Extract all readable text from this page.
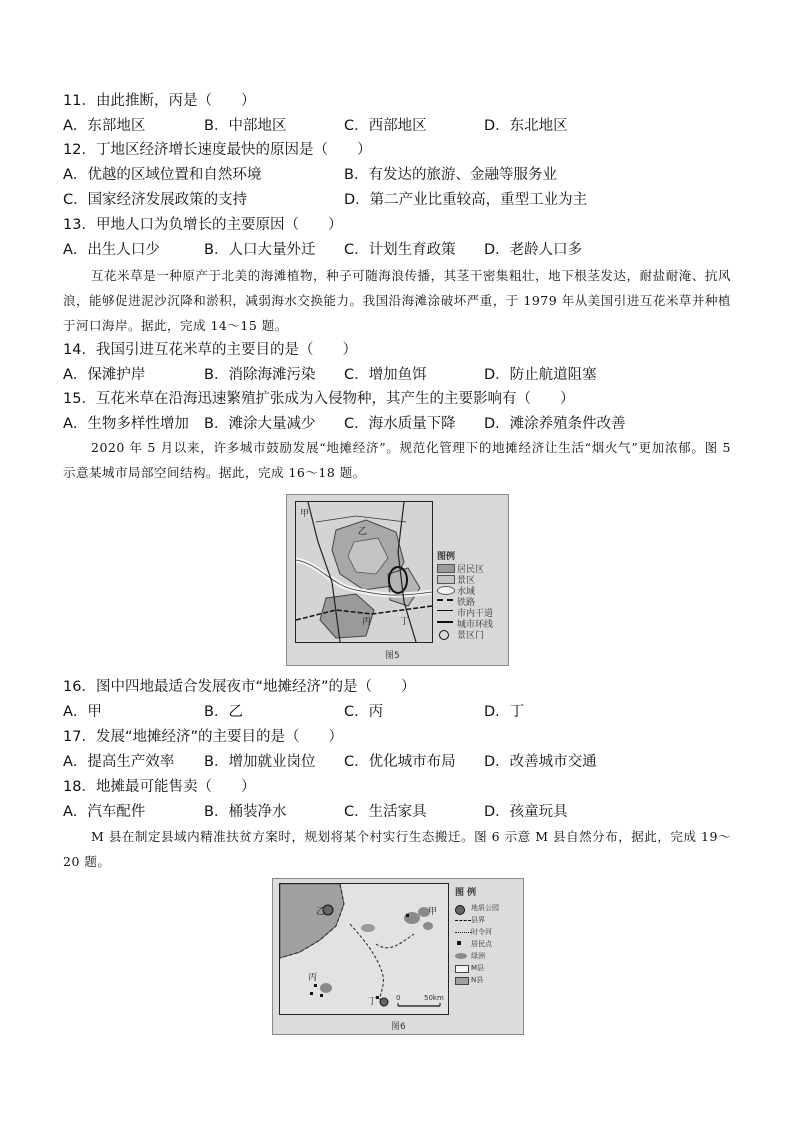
11．由此推断，丙是（　　）
A．东部地区	B．中部地区	C．西部地区	D．东北地区
12．丁地区经济增长速度最快的原因是（　　）
A．优越的区域位置和自然环境	B．有发达的旅游、金融等服务业
C．国家经济发展政策的支持	D．第二产业比重较高，重型工业为主
13．甲地人口为负增长的主要原因（　　）
A．出生人口少	B．人口大量外迁 C．计划生育政策 D．老龄人口多
互花米草是一种原产于北美的海滩植物，种子可随海浪传播，其茎干密集粗壮，地下根茎发达，耐盐耐淹、抗风浪，能够促进泥沙沉降和淤积，减弱海水交换能力。我国沿海滩涂破坏严重，于 1979 年从美国引进互花米草并种植于河口海岸。据此，完成 14～15 题。
14．我国引进互花米草的主要目的是（　　）
A．保滩护岸	B．消除海滩污染 C．增加鱼饵	D．防止航道阻塞
15．互花米草在沿海迅速繁殖扩张成为入侵物种，其产生的主要影响有（　　）
A．生物多样性增加 B．滩涂大量减少 C．海水质量下降 D．滩涂养殖条件改善
2020 年 5 月以来，许多城市鼓励发展“地摊经济”。规范化管理下的地摊经济让生活“烟火气”更加浓郁。图 5 示意某城市局部空间结构。据此，完成 16～18 题。
甲
乙
丙	丁
图例
居民区
景区
水域
铁路
市内干道
城市环线
景区门
图5
16．图中四地最适合发展夜市“地摊经济”的是（　　）
A．甲	B．乙	C．丙	D．丁
17．发展“地摊经济”的主要目的是（　　）
A．提高生产效率 B．增加就业岗位 C．优化城市布局 D．改善城市交通
18．地摊最可能售卖（　　）
A．汽车配件	B．桶装净水	C．生活家具	D．孩童玩具
M 县在制定县域内精准扶贫方案时，规划将某个村实行生态搬迁。图 6 示意 M 县自然分布，据此，完成 19～20 题。
乙	甲
丙
丁	0	50km
图 例
地质公园
县界
时令河
居民点
绿洲
M县
N县
图6
